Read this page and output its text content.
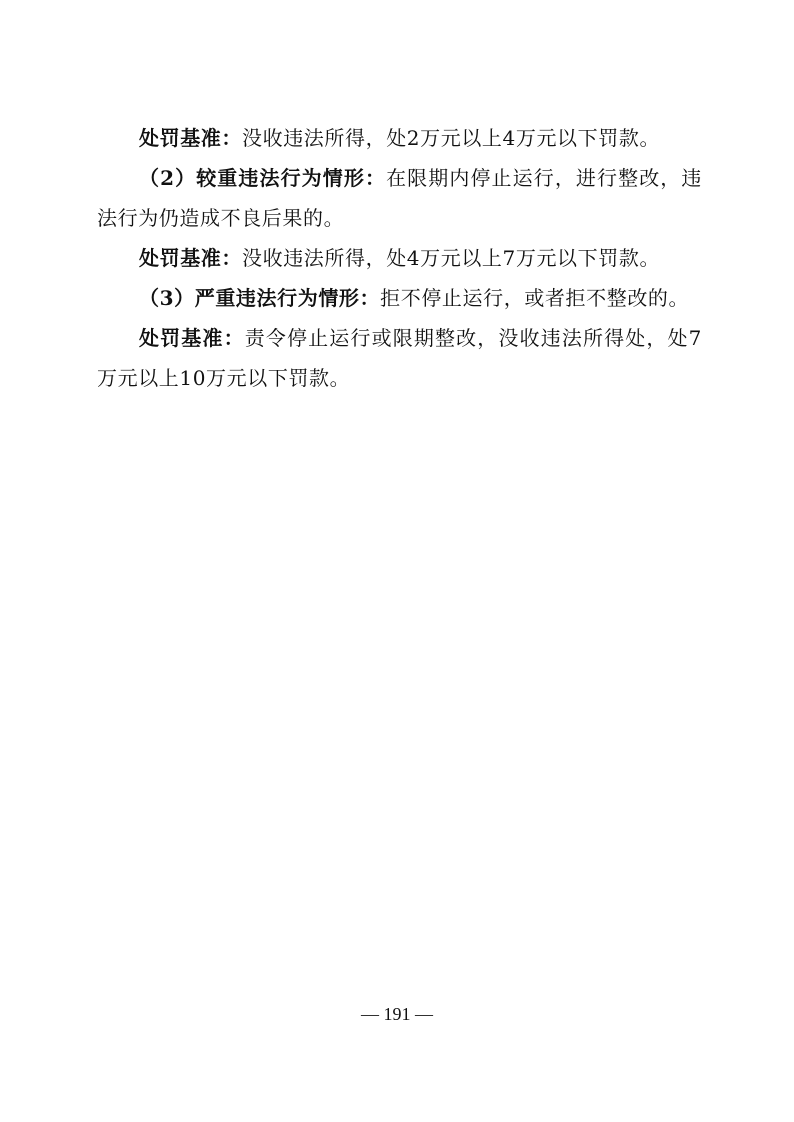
处罚基准：没收违法所得，处2万元以上4万元以下罚款。

（2）较重违法行为情形：在限期内停止运行，进行整改，违法行为仍造成不良后果的。

处罚基准：没收违法所得，处4万元以上7万元以下罚款。

（3）严重违法行为情形：拒不停止运行，或者拒不整改的。

处罚基准：责令停止运行或限期整改，没收违法所得处，处7万元以上10万元以下罚款。

— 191 —
